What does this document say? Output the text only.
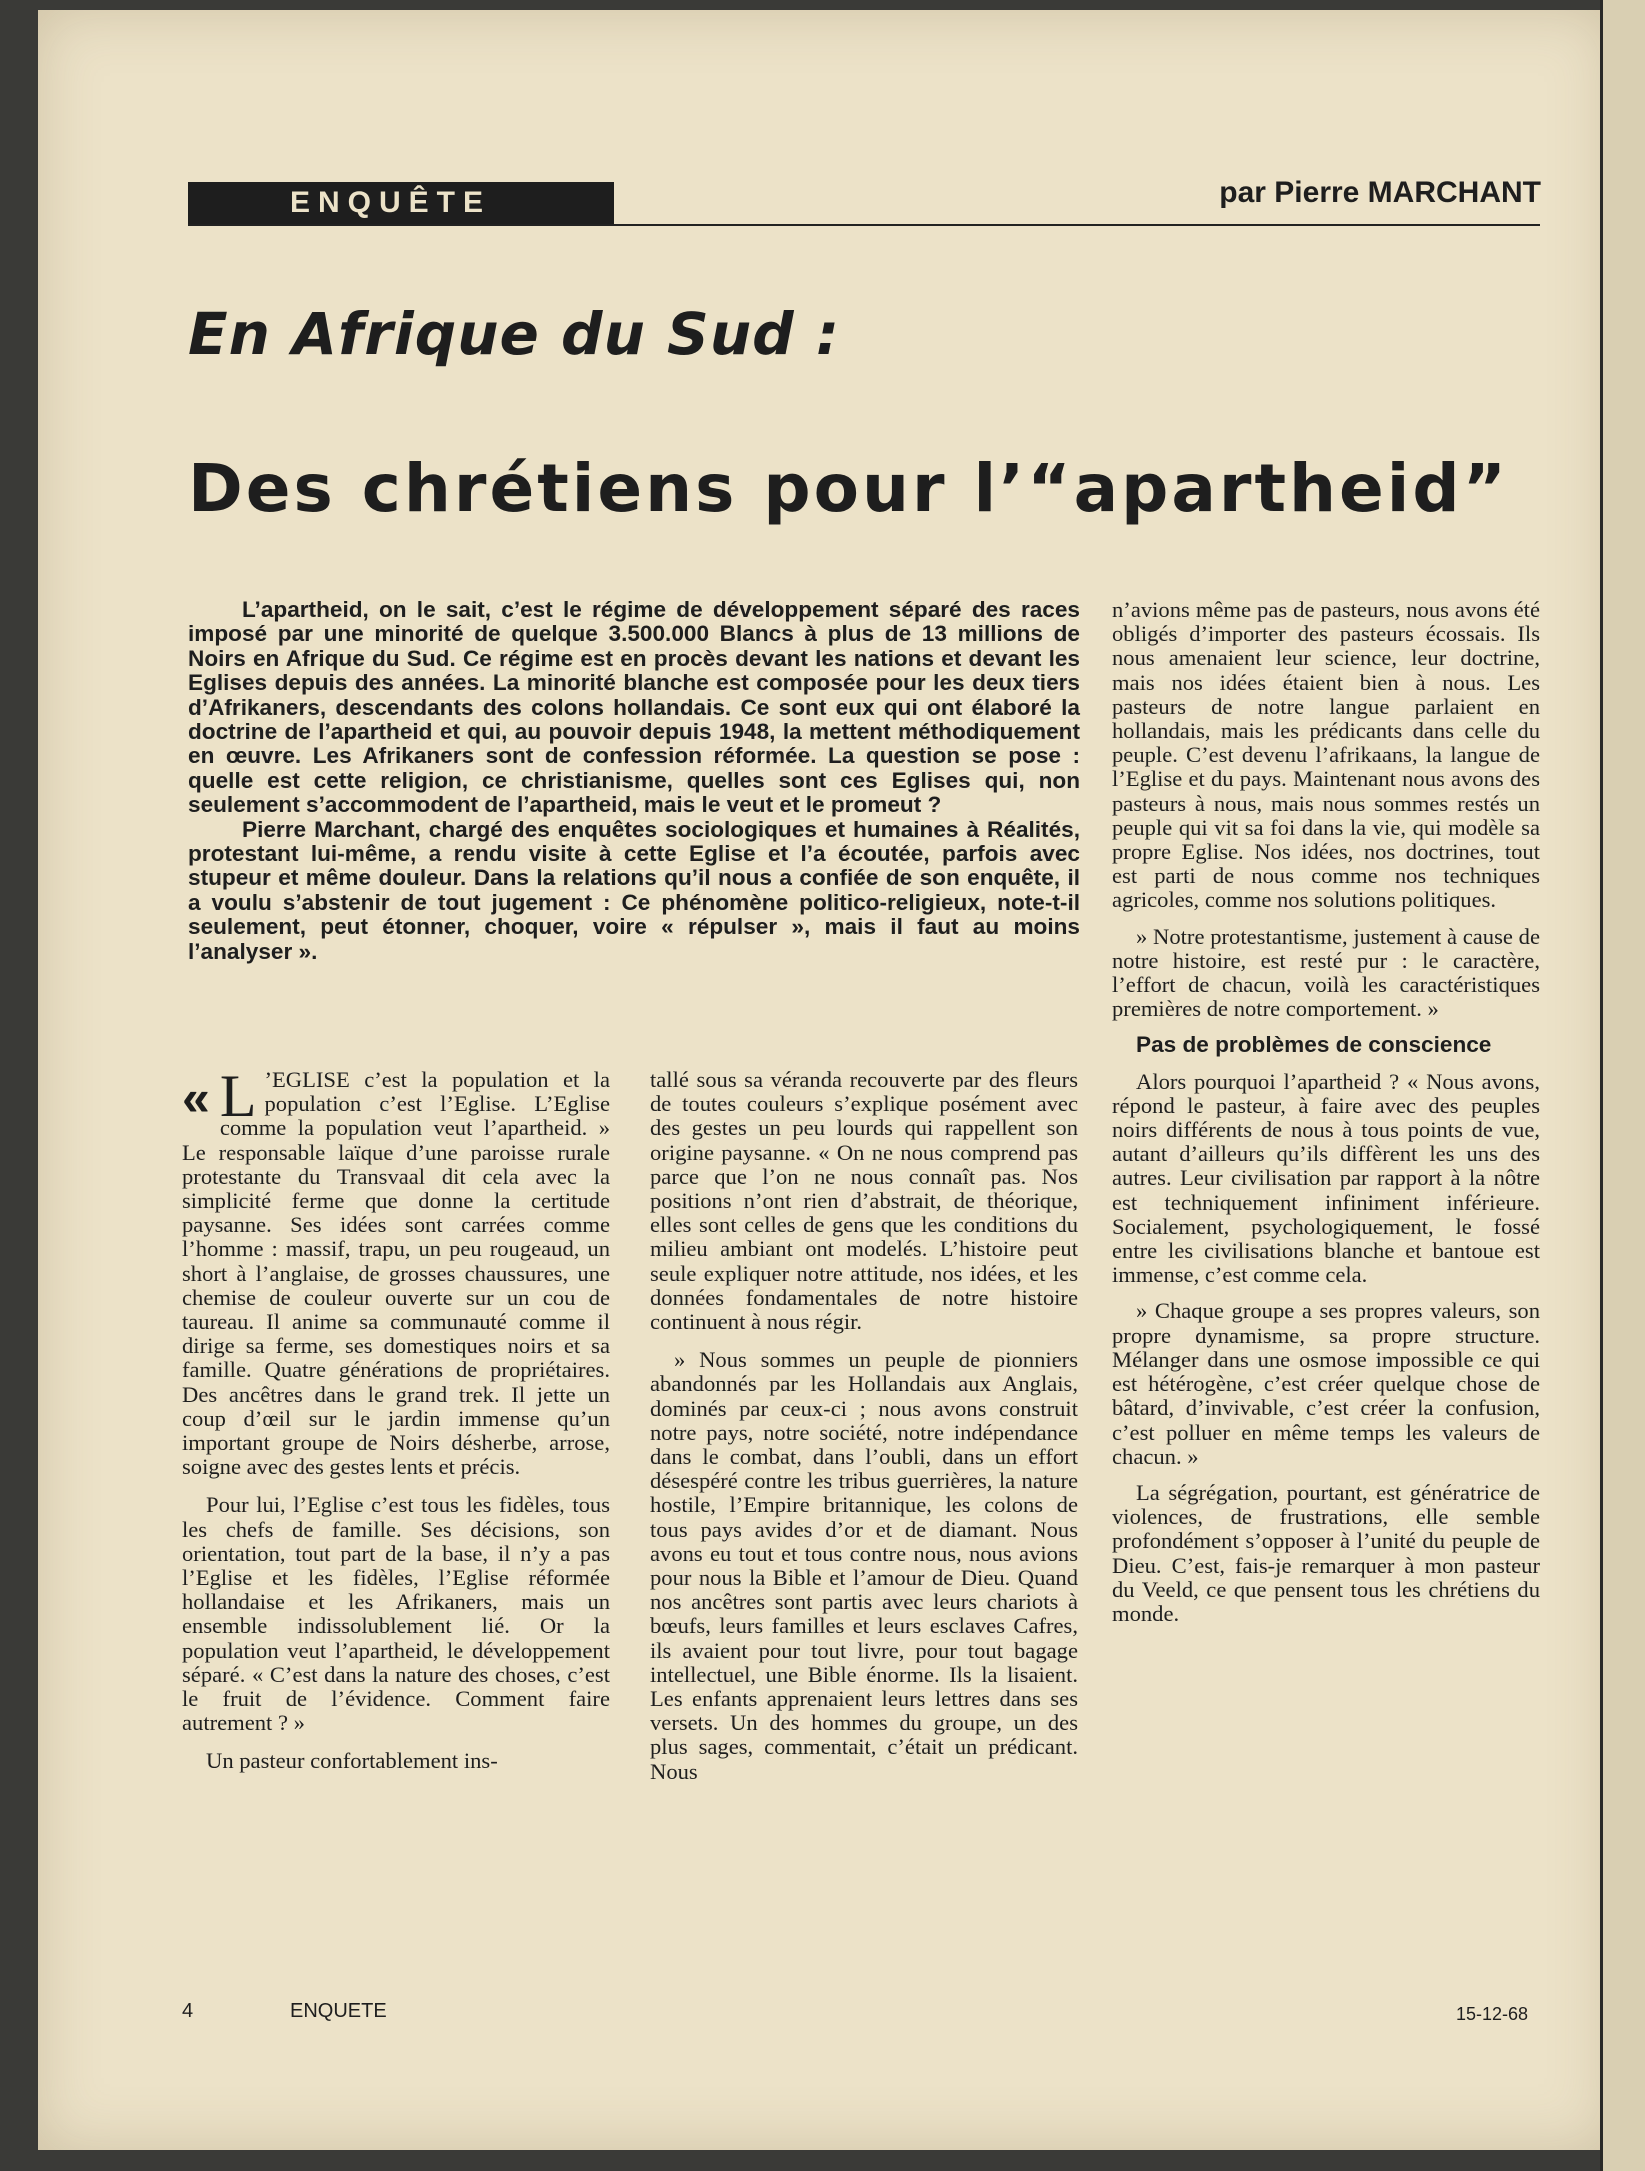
ENQUÊTE	par Pierre MARCHANT
En Afrique du Sud :
Des chrétiens pour l’“apartheid”

L’apartheid, on le sait, c’est le régime de développement séparé des races imposé par une minorité de quelque 3.500.000 Blancs à plus de 13 millions de Noirs en Afrique du Sud. Ce régime est en procès devant les nations et devant les Eglises depuis des années. La minorité blanche est composée pour les deux tiers d’Afrikaners, descendants des colons hollandais. Ce sont eux qui ont élaboré la doctrine de l’apartheid et qui, au pouvoir depuis 1948, la mettent méthodiquement en œuvre. Les Afrikaners sont de confession réformée. La question se pose : quelle est cette religion, ce christianisme, quelles sont ces Eglises qui, non seulement s’accommodent de l’apartheid, mais le veut et le promeut ?

Pierre Marchant, chargé des enquêtes sociologiques et humaines à Réalités, protestant lui-même, a rendu visite à cette Eglise et l’a écoutée, parfois avec stupeur et même douleur. Dans la relations qu’il nous a confiée de son enquête, il a voulu s’abstenir de tout jugement : Ce phénomène politico-religieux, note-t-il seulement, peut étonner, choquer, voire « répulser », mais il faut au moins l’analyser ».

« L ’EGLISE c’est la population et la population c’est l’Eglise. L’Eglise comme la population veut l’apartheid. » Le responsable laïque d’une paroisse rurale protestante du Transvaal dit cela avec la simplicité ferme que donne la certitude paysanne. Ses idées sont carrées comme l’homme : massif, trapu, un peu rougeaud, un short à l’anglaise, de grosses chaussures, une chemise de couleur ouverte sur un cou de taureau. Il anime sa communauté comme il dirige sa ferme, ses domestiques noirs et sa famille. Quatre générations de propriétaires. Des ancêtres dans le grand trek. Il jette un coup d’œil sur le jardin immense qu’un important groupe de Noirs désherbe, arrose, soigne avec des gestes lents et précis.

Pour lui, l’Eglise c’est tous les fidèles, tous les chefs de famille. Ses décisions, son orientation, tout part de la base, il n’y a pas l’Eglise et les fidèles, l’Eglise réformée hollandaise et les Afrikaners, mais un ensemble indissolublement lié. Or la population veut l’apartheid, le développement séparé. « C’est dans la nature des choses, c’est le fruit de l’évidence. Comment faire autrement ? »

Un pasteur confortablement ins-

tallé sous sa véranda recouverte par des fleurs de toutes couleurs s’explique posément avec des gestes un peu lourds qui rappellent son origine paysanne. « On ne nous comprend pas parce que l’on ne nous connaît pas. Nos positions n’ont rien d’abstrait, de théorique, elles sont celles de gens que les conditions du milieu ambiant ont modelés. L’histoire peut seule expliquer notre attitude, nos idées, et les données fondamentales de notre histoire continuent à nous régir.

» Nous sommes un peuple de pionniers abandonnés par les Hollandais aux Anglais, dominés par ceux-ci ; nous avons construit notre pays, notre société, notre indépendance dans le combat, dans l’oubli, dans un effort désespéré contre les tribus guerrières, la nature hostile, l’Empire britannique, les colons de tous pays avides d’or et de diamant. Nous avons eu tout et tous contre nous, nous avions pour nous la Bible et l’amour de Dieu. Quand nos ancêtres sont partis avec leurs chariots à bœufs, leurs familles et leurs esclaves Cafres, ils avaient pour tout livre, pour tout bagage intellectuel, une Bible énorme. Ils la lisaient. Les enfants apprenaient leurs lettres dans ses versets. Un des hommes du groupe, un des plus sages, commentait, c’était un prédicant. Nous

n’avions même pas de pasteurs, nous avons été obligés d’importer des pasteurs écossais. Ils nous amenaient leur science, leur doctrine, mais nos idées étaient bien à nous. Les pasteurs de notre langue parlaient en hollandais, mais les prédicants dans celle du peuple. C’est devenu l’afrikaans, la langue de l’Eglise et du pays. Maintenant nous avons des pasteurs à nous, mais nous sommes restés un peuple qui vit sa foi dans la vie, qui modèle sa propre Eglise. Nos idées, nos doctrines, tout est parti de nous comme nos techniques agricoles, comme nos solutions politiques.

» Notre protestantisme, justement à cause de notre histoire, est resté pur : le caractère, l’effort de chacun, voilà les caractéristiques premières de notre comportement. »

Pas de problèmes de conscience

Alors pourquoi l’apartheid ? « Nous avons, répond le pasteur, à faire avec des peuples noirs différents de nous à tous points de vue, autant d’ailleurs qu’ils diffèrent les uns des autres. Leur civilisation par rapport à la nôtre est techniquement infiniment inférieure. Socialement, psychologiquement, le fossé entre les civilisations blanche et bantoue est immense, c’est comme cela.

» Chaque groupe a ses propres valeurs, son propre dynamisme, sa propre structure. Mélanger dans une osmose impossible ce qui est hétérogène, c’est créer quelque chose de bâtard, d’invivable, c’est créer la confusion, c’est polluer en même temps les valeurs de chacun. »

La ségrégation, pourtant, est génératrice de violences, de frustrations, elle semble profondément s’opposer à l’unité du peuple de Dieu. C’est, fais-je remarquer à mon pasteur du Veeld, ce que pensent tous les chrétiens du monde.

4	ENQUETE	15-12-68
